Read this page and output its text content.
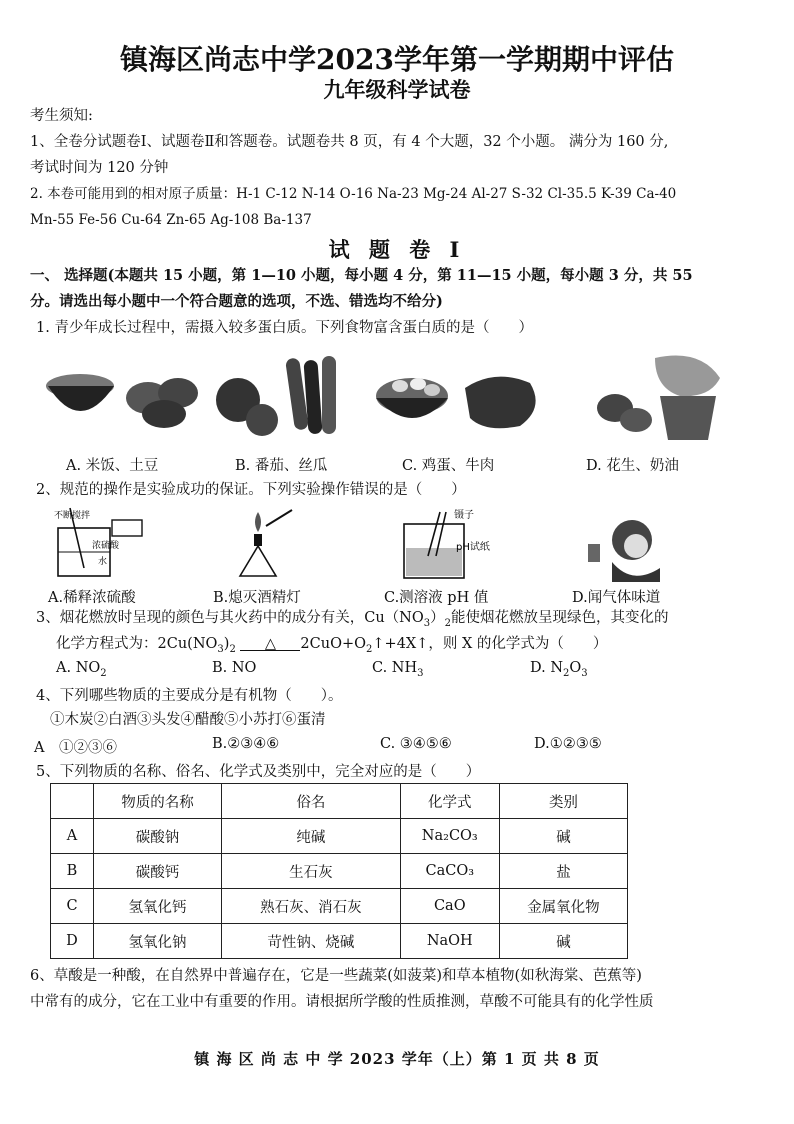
镇海区尚志中学2023学年第一学期期中评估
九年级科学试卷
考生须知:
1、全卷分试题卷Ⅰ、试题卷Ⅱ和答题卷。试题卷共 8 页，有 4 个大题，32 个小题。 满分为 160 分,
考试时间为 120 分钟
2. 本卷可能用到的相对原子质量：H-1 C-12 N-14 O-16 Na-23 Mg-24 Al-27 S-32 Cl-35.5 K-39 Ca-40
Mn-55 Fe-56 Cu-64 Zn-65 Ag-108 Ba-137
试 题 卷 Ⅰ
一、 选择题(本题共 15 小题，第 1—10 小题，每小题 4 分，第 11—15 小题，每小题 3 分，共 55
分。请选出每小题中一个符合题意的选项，不选、错选均不给分)
1. 青少年成长过程中，需摄入较多蛋白质。下列食物富含蛋白质的是（　　）
A. 米饭、土豆	B. 番茄、丝瓜	C. 鸡蛋、牛肉	D. 花生、奶油
2、规范的操作是实验成功的保证。下列实验操作错误的是（　　）
不断搅拌
浓硫酸
水
镊子
pH试纸
A.稀释浓硫酸	B.熄灭酒精灯	C.测溶液 pH 值	D.闻气体味道
3、烟花燃放时呈现的颜色与其火药中的成分有关，$Cu(NO_3)_2$能使烟花燃放呈现绿色，其变化的
化学方程式为：$2Cu(NO_3)_2$ △ $2CuO+O_2↑+4X↑$，则 X 的化学式为（　　）
A. $NO_2$	B. NO	C. $NH_3$	D. $N_2O_3$
4、下列哪些物质的主要成分是有机物（　　）。
①木炭②白酒③头发④醋酸⑤小苏打⑥蛋清
A　①②③⑥	B.②③④⑥	C. ③④⑤⑥	D.①②③⑤
5、下列物质的名称、俗名、化学式及类别中，完全对应的是（　　）
	物质的名称	俗名	化学式	类别
A	碳酸钠	纯碱	Na₂CO₃	碱
B	碳酸钙	生石灰	CaCO₃	盐
C	氢氧化钙	熟石灰、消石灰	CaO	金属氧化物
D	氢氧化钠	苛性钠、烧碱	NaOH	碱
6、草酸是一种酸，在自然界中普遍存在，它是一些蔬菜(如菠菜)和草本植物(如秋海棠、芭蕉等)
中常有的成分，它在工业中有重要的作用。请根据所学酸的性质推测，草酸不可能具有的化学性质
镇 海 区 尚 志 中 学 2023 学年（上）第 1 页 共 8 页
